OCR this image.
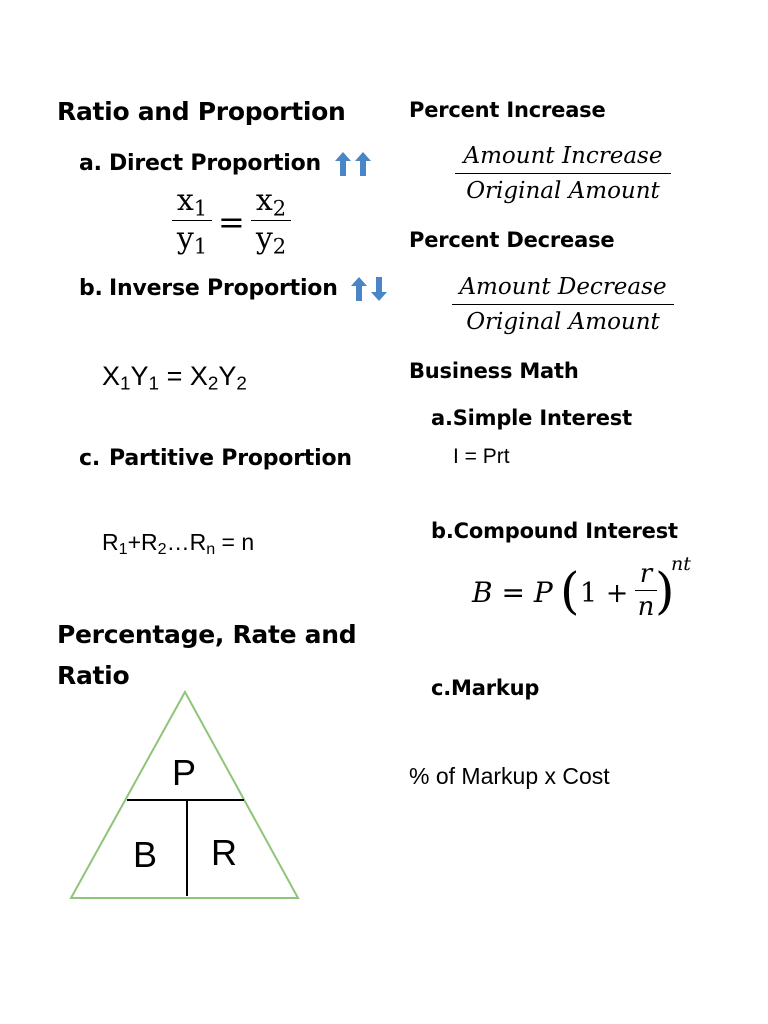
Ratio and Proportion
a. Direct Proportion
$x_1$
$y_1$
=
$x_2$
$y_2$
b. Inverse Proportion
$X_1Y_1 = X_2Y_2$
c. Partitive Proportion
$R_1+R_2\dots R_n = n$
Percentage, Rate and
Ratio
P
B R
Percent Increase
Amount Increase
Original Amount
Percent Decrease
Amount Decrease
Original Amount
Business Math
a.Simple Interest
I = Prt
b.Compound Interest
B = P ( 1 +
r
n )
nt
c.Markup
% of Markup x Cost
